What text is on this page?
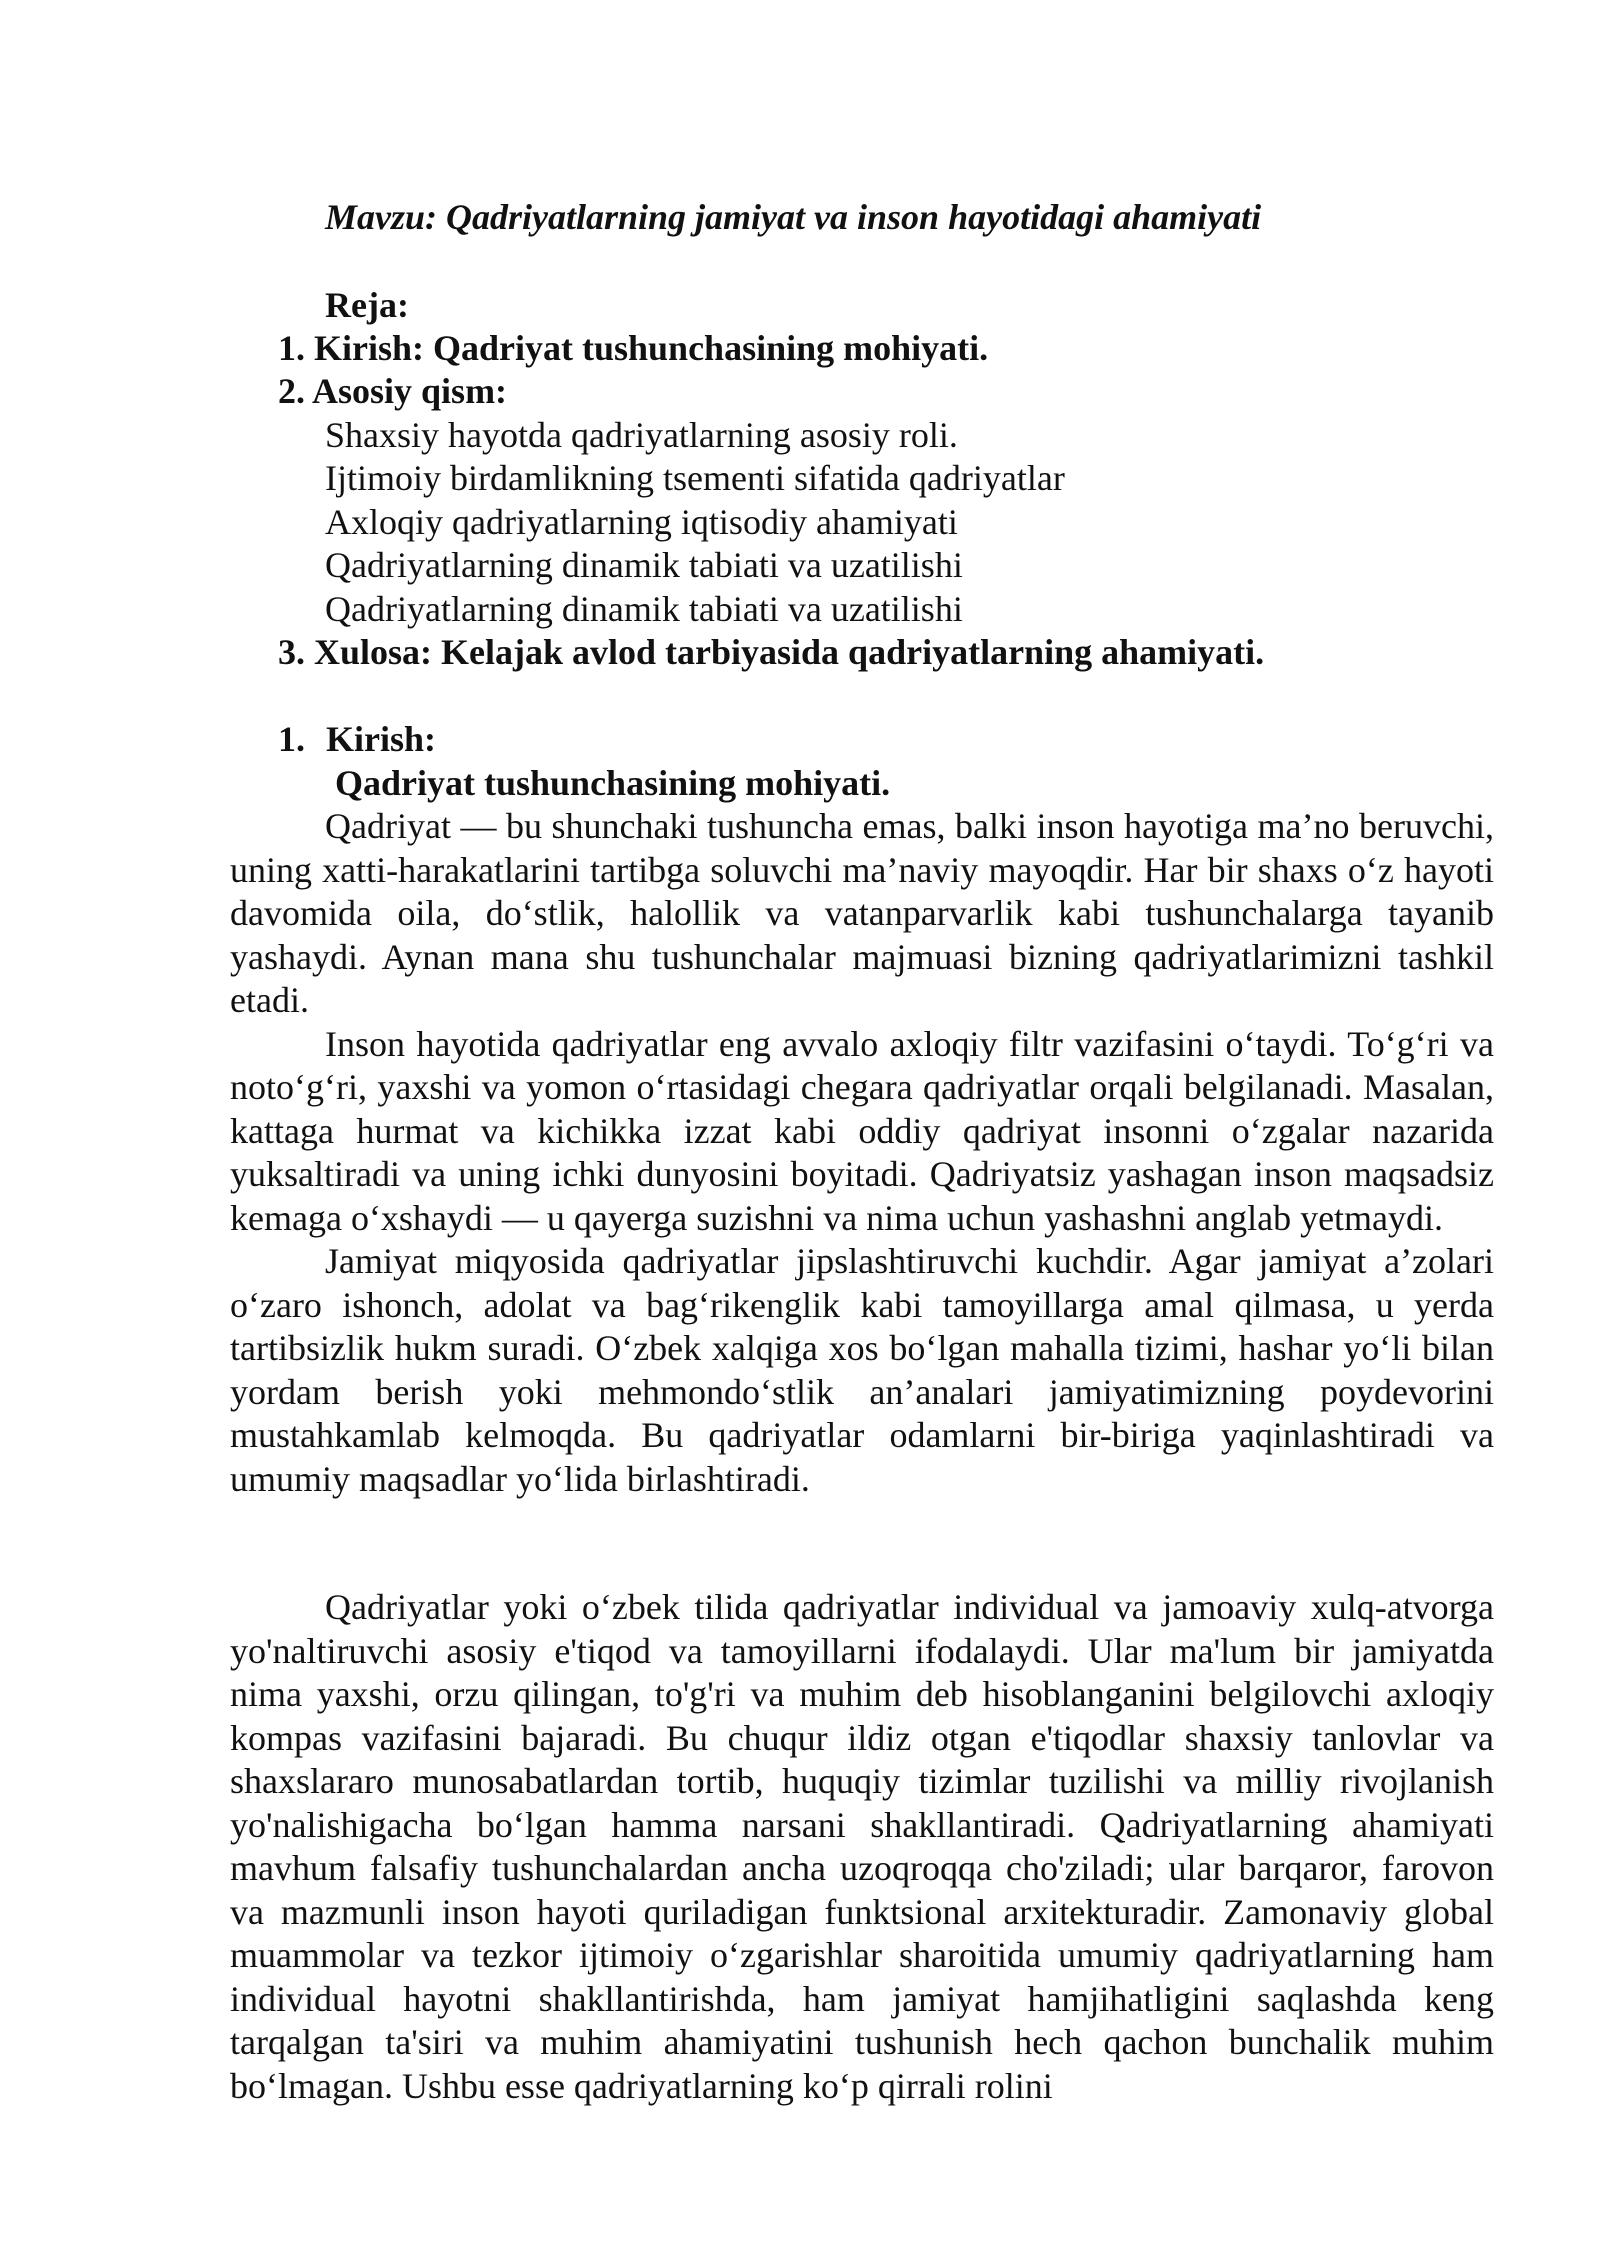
Mavzu: Qadriyatlarning jamiyat va inson hayotidagi ahamiyati
Reja:
1. Kirish: Qadriyat tushunchasining mohiyati.
2. Asosiy qism:
Shaxsiy hayotda qadriyatlarning asosiy roli.
Ijtimoiy birdamlikning tsementi sifatida qadriyatlar
Axloqiy qadriyatlarning iqtisodiy ahamiyati
Qadriyatlarning dinamik tabiati va uzatilishi
Qadriyatlarning dinamik tabiati va uzatilishi
3. Xulosa: Kelajak avlod tarbiyasida qadriyatlarning ahamiyati.
1. Kirish:
Qadriyat tushunchasining mohiyati.

Qadriyat — bu shunchaki tushuncha emas, balki inson hayotiga ma’no beruvchi, uning xatti-harakatlarini tartibga soluvchi ma’naviy mayoqdir. Har bir shaxs o‘z hayoti davomida oila, do‘stlik, halollik va vatanparvarlik kabi tushunchalarga tayanib yashaydi. Aynan mana shu tushunchalar majmuasi bizning qadriyatlarimizni tashkil etadi.

Inson hayotida qadriyatlar eng avvalo axloqiy filtr vazifasini o‘taydi. To‘g‘ri va noto‘g‘ri, yaxshi va yomon o‘rtasidagi chegara qadriyatlar orqali belgilanadi. Masalan, kattaga hurmat va kichikka izzat kabi oddiy qadriyat insonni o‘zgalar nazarida yuksaltiradi va uning ichki dunyosini boyitadi. Qadriyatsiz yashagan inson maqsadsiz kemaga o‘xshaydi — u qayerga suzishni va nima uchun yashashni anglab yetmaydi.

Jamiyat miqyosida qadriyatlar jipslashtiruvchi kuchdir. Agar jamiyat a’zolari o‘zaro ishonch, adolat va bag‘rikenglik kabi tamoyillarga amal qilmasa, u yerda tartibsizlik hukm suradi. O‘zbek xalqiga xos bo‘lgan mahalla tizimi, hashar yo‘li bilan yordam berish yoki mehmondo‘stlik an’analari jamiyatimizning poydevorini mustahkamlab kelmoqda. Bu qadriyatlar odamlarni bir-biriga yaqinlashtiradi va umumiy maqsadlar yo‘lida birlashtiradi.

Qadriyatlar yoki o‘zbek tilida qadriyatlar individual va jamoaviy xulq-atvorga yo'naltiruvchi asosiy e'tiqod va tamoyillarni ifodalaydi. Ular ma'lum bir jamiyatda nima yaxshi, orzu qilingan, to'g'ri va muhim deb hisoblanganini belgilovchi axloqiy kompas vazifasini bajaradi. Bu chuqur ildiz otgan e'tiqodlar shaxsiy tanlovlar va shaxslararo munosabatlardan tortib, huquqiy tizimlar tuzilishi va milliy rivojlanish yo'nalishigacha bo‘lgan hamma narsani shakllantiradi. Qadriyatlarning ahamiyati mavhum falsafiy tushunchalardan ancha uzoqroqqa cho'ziladi; ular barqaror, farovon va mazmunli inson hayoti quriladigan funktsional arxitekturadir. Zamonaviy global muammolar va tezkor ijtimoiy o‘zgarishlar sharoitida umumiy qadriyatlarning ham individual hayotni shakllantirishda, ham jamiyat hamjihatligini saqlashda keng tarqalgan ta'siri va muhim ahamiyatini tushunish hech qachon bunchalik muhim bo‘lmagan. Ushbu esse qadriyatlarning ko‘p qirrali rolini
